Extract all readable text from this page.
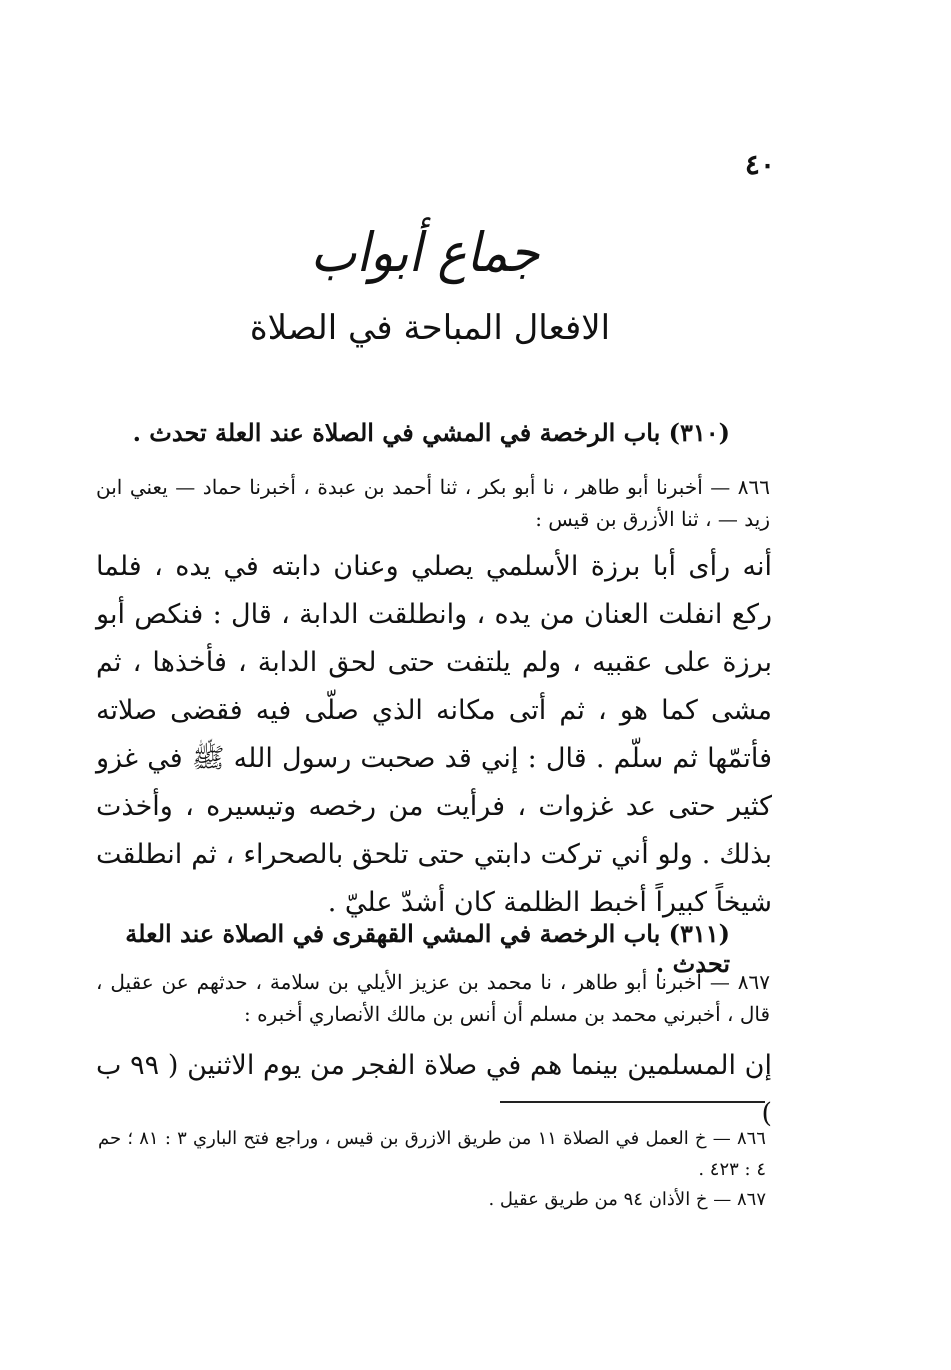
٤٠
جماع أبواب
الافعال المباحة في الصلاة
(٣١٠) باب الرخصة في المشي في الصلاة عند العلة تحدث .
٨٦٦ — أخبرنا أبو طاهر ، نا أبو بكر ، ثنا أحمد بن عبدة ، أخبرنا حماد — يعني ابن زيد — ، ثنا الأزرق بن قيس :
أنه رأى أبا برزة الأسلمي يصلي وعنان دابته في يده ، فلما ركع انفلت العنان من يده ، وانطلقت الدابة ، قال : فنكص أبو برزة على عقبيه ، ولم يلتفت حتى لحق الدابة ، فأخذها ، ثم مشى كما هو ، ثم أتى مكانه الذي صلّى فيه فقضى صلاته فأتمّها ثم سلّم . قال : إني قد صحبت رسول الله ﷺ في غزو كثير حتى عد غزوات ، فرأيت من رخصه وتيسيره ، وأخذت بذلك . ولو أني تركت دابتي حتى تلحق بالصحراء ، ثم انطلقت شيخاً كبيراً أخبط الظلمة كان أشدّ عليّ .
(٣١١) باب الرخصة في المشي القهقرى في الصلاة عند العلة تحدث .
٨٦٧ — أخبرنا أبو طاهر ، نا محمد بن عزيز الأيلي بن سلامة ، حدثهم عن عقيل ، قال ، أخبرني محمد بن مسلم أن أنس بن مالك الأنصاري أخبره :
إن المسلمين بينما هم في صلاة الفجر من يوم الاثنين ( ٩٩ ب )

٨٦٦ — خ العمل في الصلاة ١١ من طريق الازرق بن قيس ، وراجع فتح الباري ٣ : ٨١ ؛ حم ٤ : ٤٢٣ .

٨٦٧ — خ الأذان ٩٤ من طريق عقيل .
